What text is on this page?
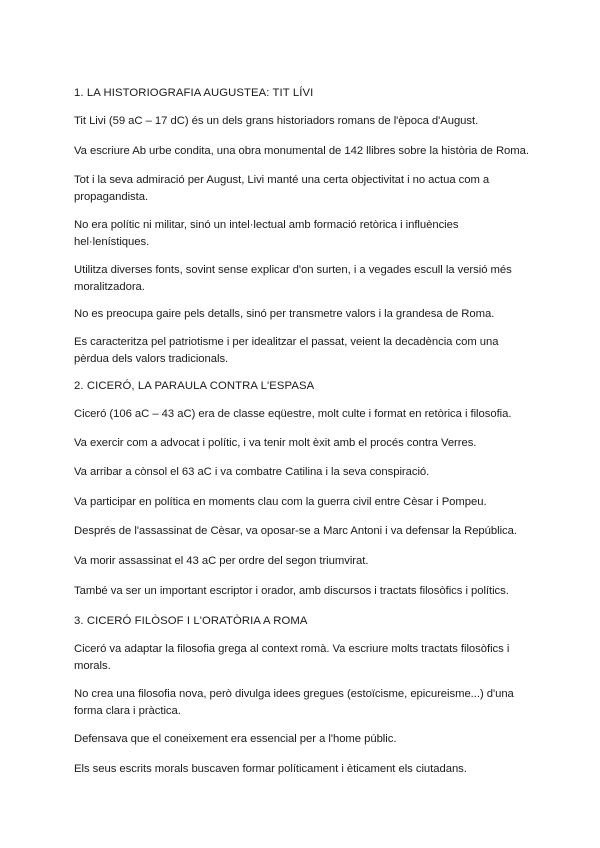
1. LA HISTORIOGRAFIA AUGUSTEA: TIT LÍVI
Tit Livi (59 aC – 17 dC) és un dels grans historiadors romans de l'època d'August.
Va escriure Ab urbe condita, una obra monumental de 142 llibres sobre la història de Roma.
Tot i la seva admiració per August, Livi manté una certa objectivitat i no actua com a
propagandista.
No era polític ni militar, sinó un intel·lectual amb formació retòrica i influències
hel·lenístiques.
Utilitza diverses fonts, sovint sense explicar d'on surten, i a vegades escull la versió més
moralitzadora.
No es preocupa gaire pels detalls, sinó per transmetre valors i la grandesa de Roma.
Es caracteritza pel patriotisme i per idealitzar el passat, veient la decadència com una
pèrdua dels valors tradicionals.
2. CICERÓ, LA PARAULA CONTRA L'ESPASA
Ciceró (106 aC – 43 aC) era de classe eqüestre, molt culte i format en retòrica i filosofia.
Va exercir com a advocat i polític, i va tenir molt èxit amb el procés contra Verres.
Va arribar a cònsol el 63 aC i va combatre Catilina i la seva conspiració.
Va participar en política en moments clau com la guerra civil entre Cèsar i Pompeu.
Després de l'assassinat de Cèsar, va oposar-se a Marc Antoni i va defensar la República.
Va morir assassinat el 43 aC per ordre del segon triumvirat.
També va ser un important escriptor i orador, amb discursos i tractats filosòfics i polítics.
3. CICERÓ FILÒSOF I L'ORATÒRIA A ROMA
Ciceró va adaptar la filosofia grega al context romà. Va escriure molts tractats filosòfics i
morals.
No crea una filosofia nova, però divulga idees gregues (estoïcisme, epicureisme...) d'una
forma clara i pràctica.
Defensava que el coneixement era essencial per a l'home públic.
Els seus escrits morals buscaven formar políticament i èticament els ciutadans.
